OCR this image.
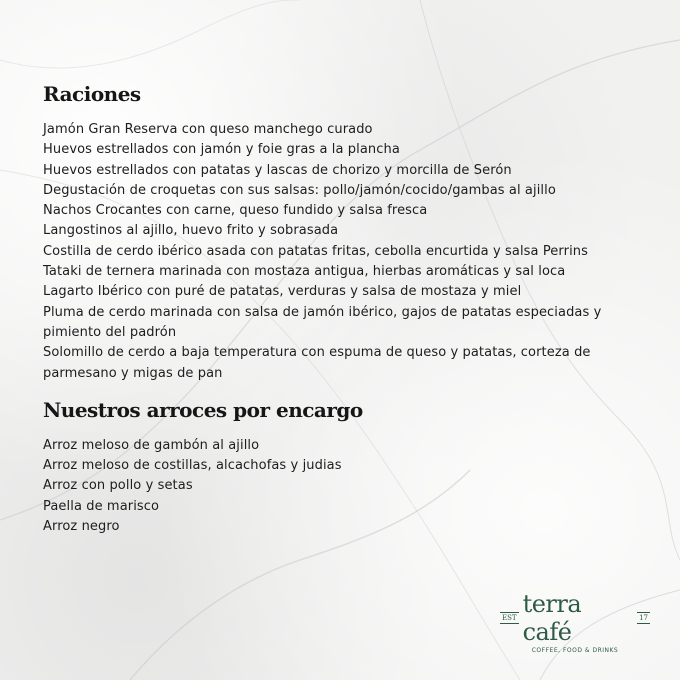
Raciones
Jamón Gran Reserva con queso manchego curado
Huevos estrellados con jamón y foie gras a la plancha
Huevos estrellados con patatas y lascas de chorizo y morcilla de Serón
Degustación de croquetas con sus salsas: pollo/jamón/cocido/gambas al ajillo
Nachos Crocantes con carne, queso fundido y salsa fresca
Langostinos al ajillo, huevo frito y sobrasada
Costilla de cerdo ibérico asada con patatas fritas, cebolla encurtida y salsa Perrins
Tataki de ternera marinada con mostaza antigua, hierbas aromáticas y sal loca
Lagarto Ibérico con puré de patatas, verduras y salsa de mostaza y miel
Pluma de cerdo marinada con salsa de jamón ibérico, gajos de patatas especiadas y pimiento del padrón
Solomillo de cerdo a baja temperatura con espuma de queso y patatas, corteza de parmesano y migas de pan
Nuestros arroces por encargo
Arroz meloso de gambón al ajillo
Arroz meloso de costillas, alcachofas y judias
Arroz con pollo y setas
Paella de marisco
Arroz negro
EST terra café	17
COFFEE, FOOD & DRINKS
